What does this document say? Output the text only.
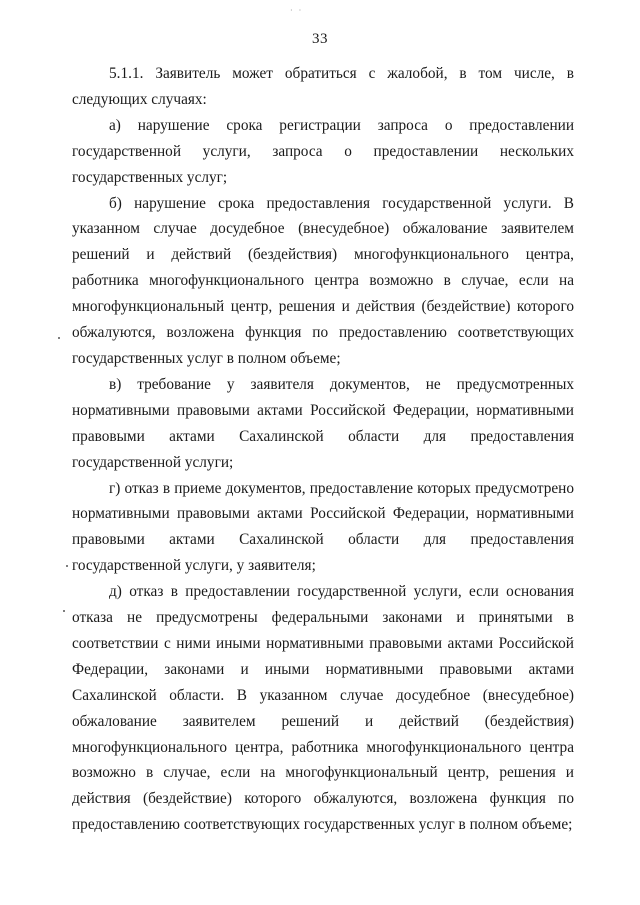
· ·
33

5.1.1. Заявитель может обратиться с жалобой, в том числе, в следующих случаях:

а) нарушение срока регистрации запроса о предоставлении государственной услуги, запроса о предоставлении нескольких государственных услуг;

б) нарушение срока предоставления государственной услуги. В указанном случае досудебное (внесудебное) обжалование заявителем решений и действий (бездействия) многофункционального центра, работника многофункционального центра возможно в случае, если на многофункциональный центр, решения и действия (бездействие) которого обжалуются, возложена функция по предоставлению соответствующих государственных услуг в полном объеме;

в) требование у заявителя документов, не предусмотренных нормативными правовыми актами Российской Федерации, нормативными правовыми актами Сахалинской области для предоставления государственной услуги;

г) отказ в приеме документов, предоставление которых предусмотрено нормативными правовыми актами Российской Федерации, нормативными правовыми актами Сахалинской области для предоставления государственной услуги, у заявителя;

д) отказ в предоставлении государственной услуги, если основания отказа не предусмотрены федеральными законами и принятыми в соответствии с ними иными нормативными правовыми актами Российской Федерации, законами и иными нормативными правовыми актами Сахалинской области. В указанном случае досудебное (внесудебное) обжалование заявителем решений и действий (бездействия) многофункционального центра, работника многофункционального центра возможно в случае, если на многофункциональный центр, решения и действия (бездействие) которого обжалуются, возложена функция по предоставлению соответствующих государственных услуг в полном объеме;
